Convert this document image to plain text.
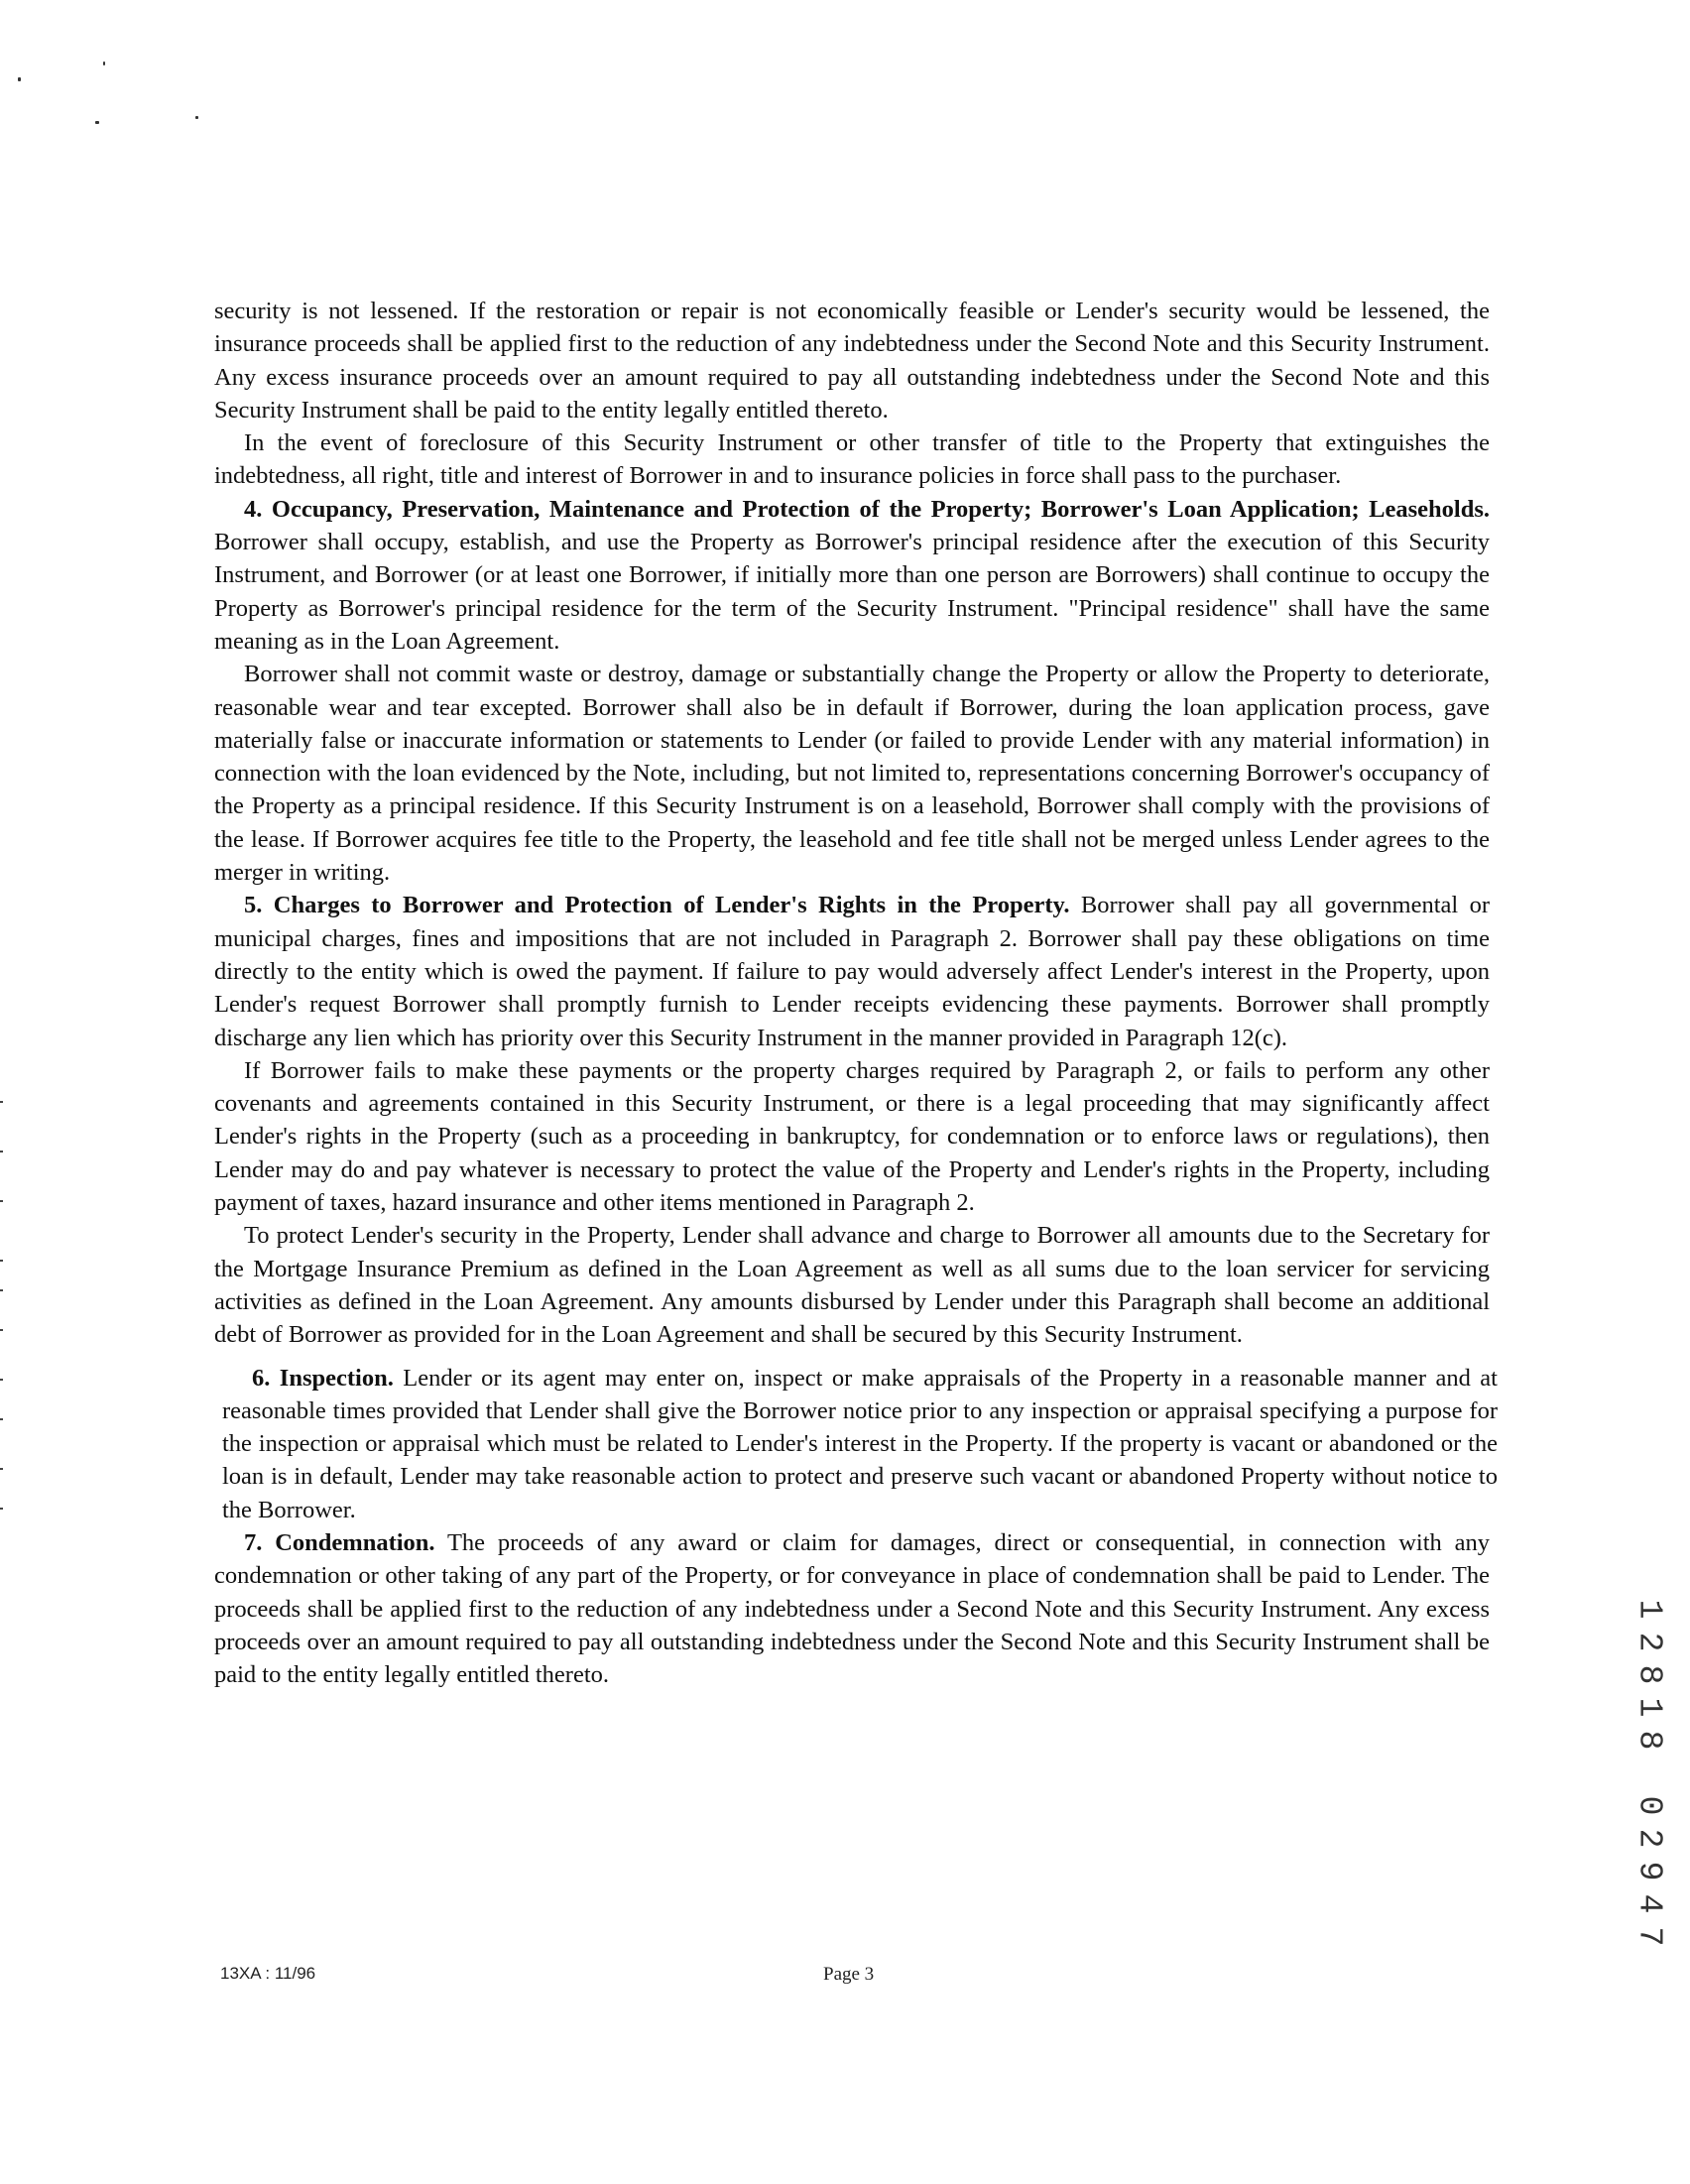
security is not lessened. If the restoration or repair is not economically feasible or Lender's security would be lessened, the insurance proceeds shall be applied first to the reduction of any indebtedness under the Second Note and this Security Instrument. Any excess insurance proceeds over an amount required to pay all outstanding indebtedness under the Second Note and this Security Instrument shall be paid to the entity legally entitled thereto.

In the event of foreclosure of this Security Instrument or other transfer of title to the Property that extinguishes the indebtedness, all right, title and interest of Borrower in and to insurance policies in force shall pass to the purchaser.

4. Occupancy, Preservation, Maintenance and Protection of the Property; Borrower's Loan Application; Leaseholds. Borrower shall occupy, establish, and use the Property as Borrower's principal residence after the execution of this Security Instrument, and Borrower (or at least one Borrower, if initially more than one person are Borrowers) shall continue to occupy the Property as Borrower's principal residence for the term of the Security Instrument. "Principal residence" shall have the same meaning as in the Loan Agreement.

Borrower shall not commit waste or destroy, damage or substantially change the Property or allow the Property to deteriorate, reasonable wear and tear excepted. Borrower shall also be in default if Borrower, during the loan application process, gave materially false or inaccurate information or statements to Lender (or failed to provide Lender with any material information) in connection with the loan evidenced by the Note, including, but not limited to, representations concerning Borrower's occupancy of the Property as a principal residence. If this Security Instrument is on a leasehold, Borrower shall comply with the provisions of the lease. If Borrower acquires fee title to the Property, the leasehold and fee title shall not be merged unless Lender agrees to the merger in writing.

5. Charges to Borrower and Protection of Lender's Rights in the Property. Borrower shall pay all governmental or municipal charges, fines and impositions that are not included in Paragraph 2. Borrower shall pay these obligations on time directly to the entity which is owed the payment. If failure to pay would adversely affect Lender's interest in the Property, upon Lender's request Borrower shall promptly furnish to Lender receipts evidencing these payments. Borrower shall promptly discharge any lien which has priority over this Security Instrument in the manner provided in Paragraph 12(c).

If Borrower fails to make these payments or the property charges required by Paragraph 2, or fails to perform any other covenants and agreements contained in this Security Instrument, or there is a legal proceeding that may significantly affect Lender's rights in the Property (such as a proceeding in bankruptcy, for condemnation or to enforce laws or regulations), then Lender may do and pay whatever is necessary to protect the value of the Property and Lender's rights in the Property, including payment of taxes, hazard insurance and other items mentioned in Paragraph 2.

To protect Lender's security in the Property, Lender shall advance and charge to Borrower all amounts due to the Secretary for the Mortgage Insurance Premium as defined in the Loan Agreement as well as all sums due to the loan servicer for servicing activities as defined in the Loan Agreement. Any amounts disbursed by Lender under this Paragraph shall become an additional debt of Borrower as provided for in the Loan Agreement and shall be secured by this Security Instrument.

6. Inspection. Lender or its agent may enter on, inspect or make appraisals of the Property in a reasonable manner and at reasonable times provided that Lender shall give the Borrower notice prior to any inspection or appraisal specifying a purpose for the inspection or appraisal which must be related to Lender's interest in the Property. If the property is vacant or abandoned or the loan is in default, Lender may take reasonable action to protect and preserve such vacant or abandoned Property without notice to the Borrower.

7. Condemnation. The proceeds of any award or claim for damages, direct or consequential, in connection with any condemnation or other taking of any part of the Property, or for conveyance in place of condemnation shall be paid to Lender. The proceeds shall be applied first to the reduction of any indebtedness under a Second Note and this Security Instrument. Any excess proceeds over an amount required to pay all outstanding indebtedness under the Second Note and this Security Instrument shall be paid to the entity legally entitled thereto.

13XA : 11/96	Page 3
1
2
8
1
8

0
2
9
4
7
